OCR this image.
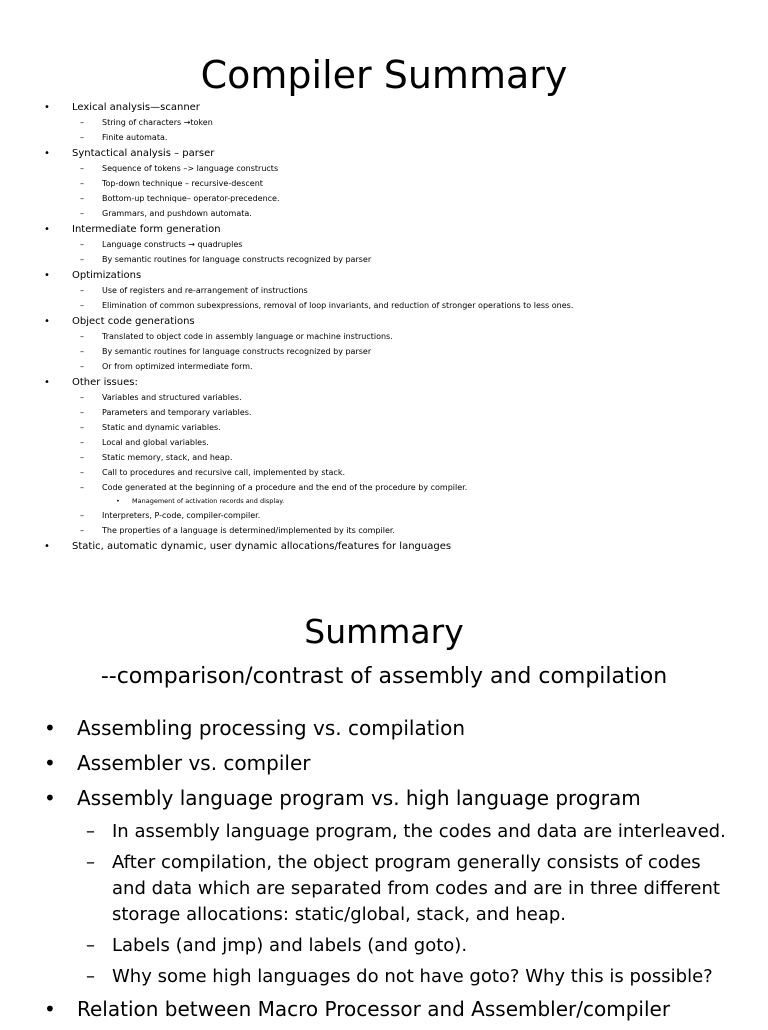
Compiler Summary
• Lexical analysis—scanner
– String of characters →token
– Finite automata.
• Syntactical analysis – parser
– Sequence of tokens –> language constructs
– Top-down technique – recursive-descent
– Bottom-up technique– operator-precedence.
– Grammars, and pushdown automata.
• Intermediate form generation
– Language constructs → quadruples
– By semantic routines for language constructs recognized by parser
• Optimizations
– Use of registers and re-arrangement of instructions
– Elimination of common subexpressions, removal of loop invariants, and reduction of stronger operations to less ones.
• Object code generations
– Translated to object code in assembly language or machine instructions.
– By semantic routines for language constructs recognized by parser
– Or from optimized intermediate form.
• Other issues:
– Variables and structured variables.
– Parameters and temporary variables.
– Static and dynamic variables.
– Local and global variables.
– Static memory, stack, and heap.
– Call to procedures and recursive call, implemented by stack.
– Code generated at the beginning of a procedure and the end of the procedure by compiler.
• Management of activation records and display.
– Interpreters, P-code, compiler-compiler.
– The properties of a language is determined/implemented by its compiler.
• Static, automatic dynamic, user dynamic allocations/features for languages
Summary
--comparison/contrast of assembly and compilation
• Assembling processing vs. compilation
• Assembler vs. compiler
• Assembly language program vs. high language program
– In assembly language program, the codes and data are interleaved.
– After compilation, the object program generally consists of codes and data which are separated from codes and are in three different storage allocations: static/global, stack, and heap.
– Labels (and jmp) and labels (and goto).
– Why some high languages do not have goto? Why this is possible?
• Relation between Macro Processor and Assembler/compiler
